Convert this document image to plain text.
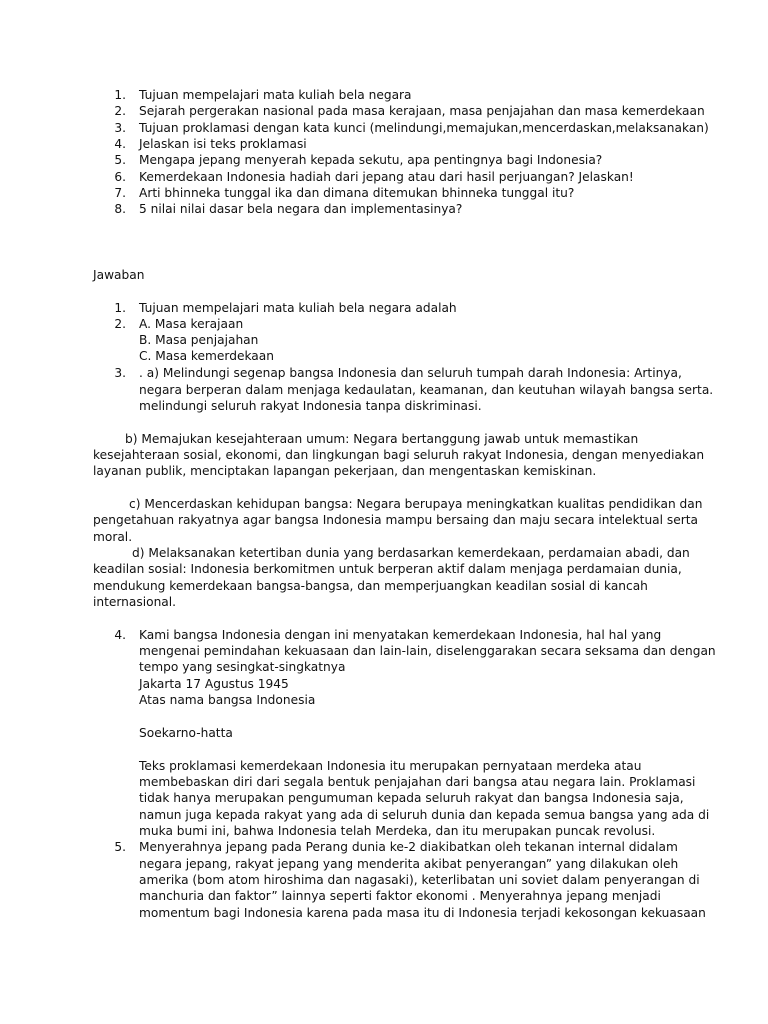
1. Tujuan mempelajari mata kuliah bela negara
2. Sejarah pergerakan nasional pada masa kerajaan, masa penjajahan dan masa kemerdekaan
3. Tujuan proklamasi dengan kata kunci (melindungi,memajukan,mencerdaskan,melaksanakan)
4. Jelaskan isi teks proklamasi
5. Mengapa jepang menyerah kepada sekutu, apa pentingnya bagi Indonesia?
6. Kemerdekaan Indonesia hadiah dari jepang atau dari hasil perjuangan? Jelaskan!
7. Arti bhinneka tunggal ika dan dimana ditemukan bhinneka tunggal itu?
8. 5 nilai nilai dasar bela negara dan implementasinya?
Jawaban
1. Tujuan mempelajari mata kuliah bela negara adalah
2. A. Masa kerajaan
B. Masa penjajahan
C. Masa kemerdekaan
3. . a) Melindungi segenap bangsa Indonesia dan seluruh tumpah darah Indonesia: Artinya,
negara berperan dalam menjaga kedaulatan, keamanan, dan keutuhan wilayah bangsa serta.
melindungi seluruh rakyat Indonesia tanpa diskriminasi.
b) Memajukan kesejahteraan umum: Negara bertanggung jawab untuk memastikan
kesejahteraan sosial, ekonomi, dan lingkungan bagi seluruh rakyat Indonesia, dengan menyediakan
layanan publik, menciptakan lapangan pekerjaan, dan mengentaskan kemiskinan.
c) Mencerdaskan kehidupan bangsa: Negara berupaya meningkatkan kualitas pendidikan dan
pengetahuan rakyatnya agar bangsa Indonesia mampu bersaing dan maju secara intelektual serta
moral.
d) Melaksanakan ketertiban dunia yang berdasarkan kemerdekaan, perdamaian abadi, dan
keadilan sosial: Indonesia berkomitmen untuk berperan aktif dalam menjaga perdamaian dunia,
mendukung kemerdekaan bangsa-bangsa, dan memperjuangkan keadilan sosial di kancah
internasional.
4. Kami bangsa Indonesia dengan ini menyatakan kemerdekaan Indonesia, hal hal yang
mengenai pemindahan kekuasaan dan lain-lain, diselenggarakan secara seksama dan dengan
tempo yang sesingkat-singkatnya
Jakarta 17 Agustus 1945
Atas nama bangsa Indonesia
Soekarno-hatta
Teks proklamasi kemerdekaan Indonesia itu merupakan pernyataan merdeka atau
membebaskan diri dari segala bentuk penjajahan dari bangsa atau negara lain. Proklamasi
tidak hanya merupakan pengumuman kepada seluruh rakyat dan bangsa Indonesia saja,
namun juga kepada rakyat yang ada di seluruh dunia dan kepada semua bangsa yang ada di
muka bumi ini, bahwa Indonesia telah Merdeka, dan itu merupakan puncak revolusi.
5. Menyerahnya jepang pada Perang dunia ke-2 diakibatkan oleh tekanan internal didalam
negara jepang, rakyat jepang yang menderita akibat penyerangan” yang dilakukan oleh
amerika (bom atom hiroshima dan nagasaki), keterlibatan uni soviet dalam penyerangan di
manchuria dan faktor” lainnya seperti faktor ekonomi . Menyerahnya jepang menjadi
momentum bagi Indonesia karena pada masa itu di Indonesia terjadi kekosongan kekuasaan
